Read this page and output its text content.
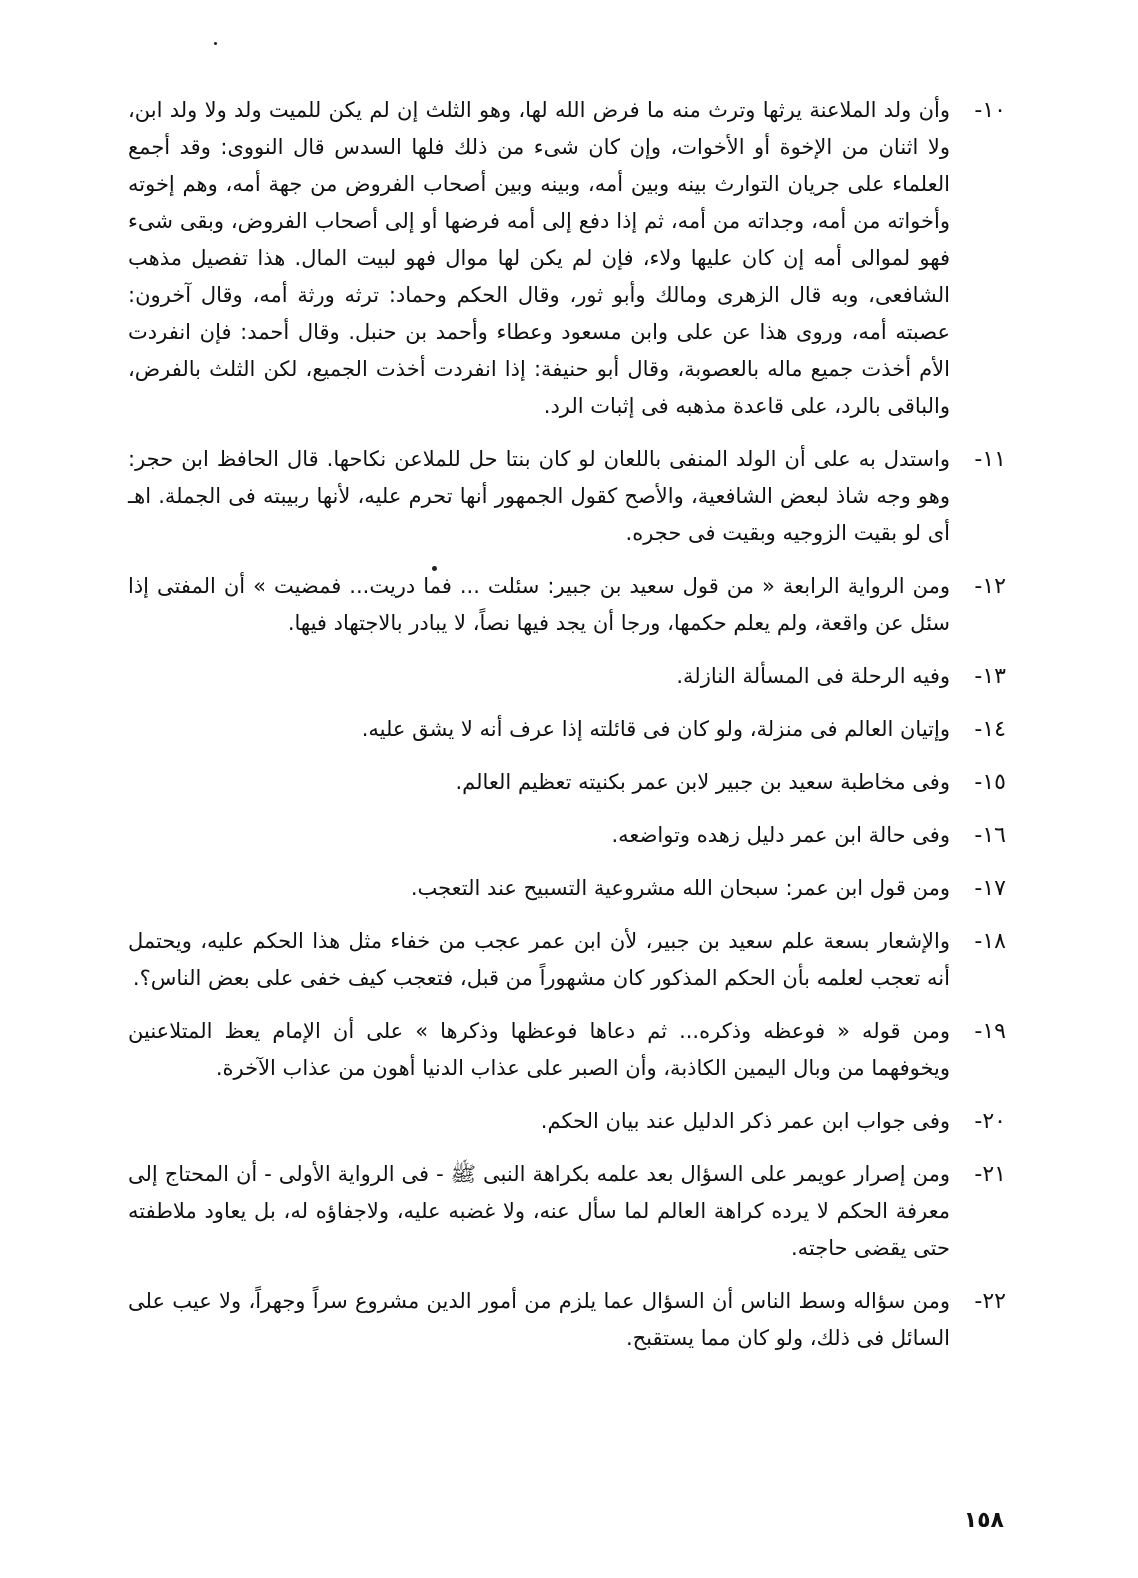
١٠-
وأن ولد الملاعنة يرثها وترث منه ما فرض الله لها، وهو الثلث إن لم يكن للميت ولد ولا ولد ابن، ولا اثنان من الإخوة أو الأخوات، وإن كان شىء من ذلك فلها السدس قال النووى: وقد أجمع العلماء على جريان التوارث بينه وبين أمه، وبينه وبين أصحاب الفروض من جهة أمه، وهم إخوته وأخواته من أمه، وجداته من أمه، ثم إذا دفع إلى أمه فرضها أو إلى أصحاب الفروض، وبقى شىء فهو لموالى أمه إن كان عليها ولاء، فإن لم يكن لها موال فهو لبيت المال. هذا تفصيل مذهب الشافعى، وبه قال الزهرى ومالك وأبو ثور، وقال الحكم وحماد: ترثه ورثة أمه، وقال آخرون: عصبته أمه، وروى هذا عن على وابن مسعود وعطاء وأحمد بن حنبل. وقال أحمد: فإن انفردت الأم أخذت جميع ماله بالعصوبة، وقال أبو حنيفة: إذا انفردت أخذت الجميع، لكن الثلث بالفرض، والباقى بالرد، على قاعدة مذهبه فى إثبات الرد.
١١-
واستدل به على أن الولد المنفى باللعان لو كان بنتا حل للملاعن نكاحها. قال الحافظ ابن حجر: وهو وجه شاذ لبعض الشافعية، والأصح كقول الجمهور أنها تحرم عليه، لأنها ربيبته فى الجملة. اهـ أى لو بقيت الزوجيه وبقيت فى حجره.
١٢-
ومن الرواية الرابعة « من قول سعيد بن جبير: سئلت ... فما دريت... فمضيت » أن المفتى إذا سئل عن واقعة، ولم يعلم حكمها، ورجا أن يجد فيها نصاً، لا يبادر بالاجتهاد فيها.
١٣-
وفيه الرحلة فى المسألة النازلة.
١٤-
وإتيان العالم فى منزلة، ولو كان فى قائلته إذا عرف أنه لا يشق عليه.
١٥-
وفى مخاطبة سعيد بن جبير لابن عمر بكنيته تعظيم العالم.
١٦-
وفى حالة ابن عمر دليل زهده وتواضعه.
١٧-
ومن قول ابن عمر: سبحان الله مشروعية التسبيح عند التعجب.
١٨-
والإشعار بسعة علم سعيد بن جبير، لأن ابن عمر عجب من خفاء مثل هذا الحكم عليه، ويحتمل أنه تعجب لعلمه بأن الحكم المذكور كان مشهوراً من قبل، فتعجب كيف خفى على بعض الناس؟.
١٩-
ومن قوله « فوعظه وذكره... ثم دعاها فوعظها وذكرها » على أن الإمام يعظ المتلاعنين ويخوفهما من وبال اليمين الكاذبة، وأن الصبر على عذاب الدنيا أهون من عذاب الآخرة.
٢٠-
وفى جواب ابن عمر ذكر الدليل عند بيان الحكم.
٢١-
ومن إصرار عويمر على السؤال بعد علمه بكراهة النبى ﷺ - فى الرواية الأولى - أن المحتاج إلى معرفة الحكم لا يرده كراهة العالم لما سأل عنه، ولا غضبه عليه، ولاجفاؤه له، بل يعاود ملاطفته حتى يقضى حاجته.
٢٢-
ومن سؤاله وسط الناس أن السؤال عما يلزم من أمور الدين مشروع سراً وجهراً، ولا عيب على السائل فى ذلك، ولو كان مما يستقبح.
١٥٨
